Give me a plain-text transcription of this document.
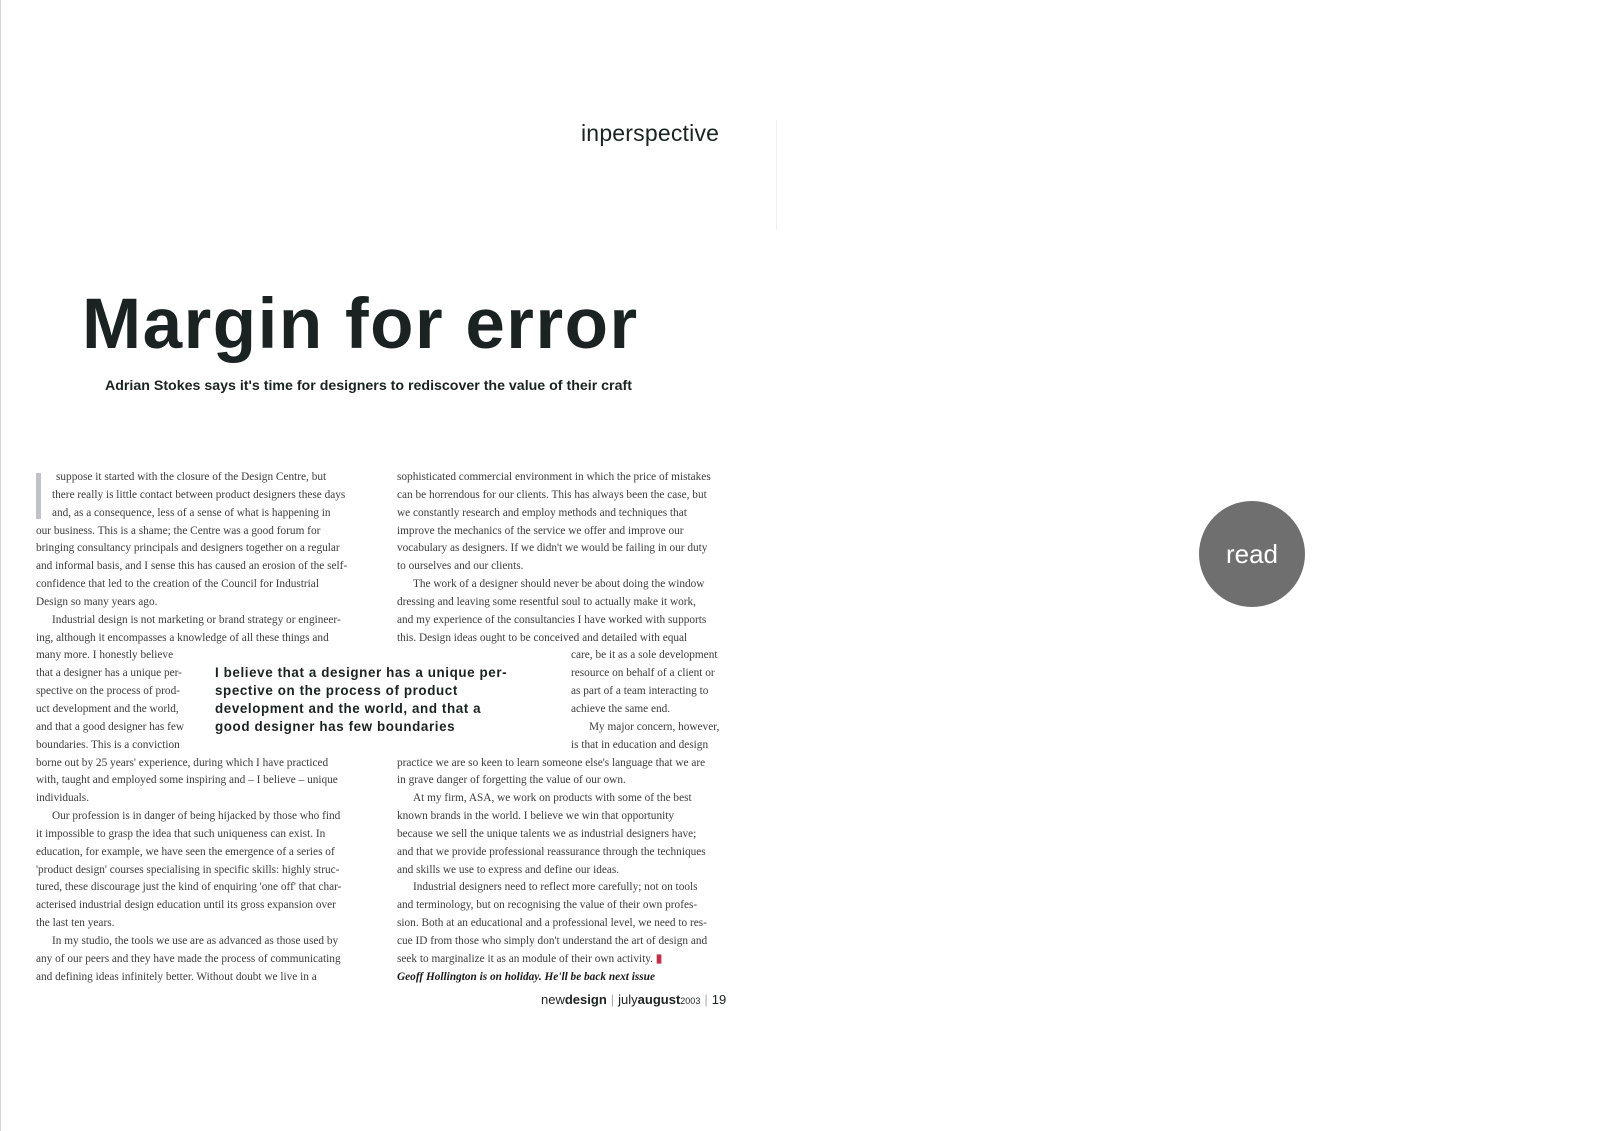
inperspective
Margin for error
Adrian Stokes says it's time for designers to rediscover the value of their craft
suppose it started with the closure of the Design Centre, but
there really is little contact between product designers these days
and, as a consequence, less of a sense of what is happening in
our business. This is a shame; the Centre was a good forum for
bringing consultancy principals and designers together on a regular
and informal basis, and I sense this has caused an erosion of the self-
confidence that led to the creation of the Council for Industrial
Design so many years ago.
Industrial design is not marketing or brand strategy or engineer-
ing, although it encompasses a knowledge of all these things and
many more. I honestly believe
that a designer has a unique per-
spective on the process of prod-
uct development and the world,
and that a good designer has few
boundaries. This is a conviction
borne out by 25 years' experience, during which I have practiced
with, taught and employed some inspiring and – I believe – unique
individuals.
Our profession is in danger of being hijacked by those who find
it impossible to grasp the idea that such uniqueness can exist. In
education, for example, we have seen the emergence of a series of
'product design' courses specialising in specific skills: highly struc-
tured, these discourage just the kind of enquiring 'one off' that char-
acterised industrial design education until its gross expansion over
the last ten years.
In my studio, the tools we use are as advanced as those used by
any of our peers and they have made the process of communicating
and defining ideas infinitely better. Without doubt we live in a
sophisticated commercial environment in which the price of mistakes
can be horrendous for our clients. This has always been the case, but
we constantly research and employ methods and techniques that
improve the mechanics of the service we offer and improve our
vocabulary as designers. If we didn't we would be failing in our duty
to ourselves and our clients.
The work of a designer should never be about doing the window
dressing and leaving some resentful soul to actually make it work,
and my experience of the consultancies I have worked with supports
this. Design ideas ought to be conceived and detailed with equal
care, be it as a sole development
resource on behalf of a client or
as part of a team interacting to
achieve the same end.
My major concern, however,
is that in education and design
practice we are so keen to learn someone else's language that we are
in grave danger of forgetting the value of our own.
At my firm, ASA, we work on products with some of the best
known brands in the world. I believe we win that opportunity
because we sell the unique talents we as industrial designers have;
and that we provide professional reassurance through the techniques
and skills we use to express and define our ideas.
Industrial designers need to reflect more carefully; not on tools
and terminology, but on recognising the value of their own profes-
sion. Both at an educational and a professional level, we need to res-
cue ID from those who simply don't understand the art of design and
seek to marginalize it as an module of their own activity. ▮
Geoff Hollington is on holiday. He'll be back next issue
I believe that a designer has a unique per-
spective on the process of product
development and the world, and that a
good designer has few boundaries
newdesign | julyaugust2003 | 19
read
